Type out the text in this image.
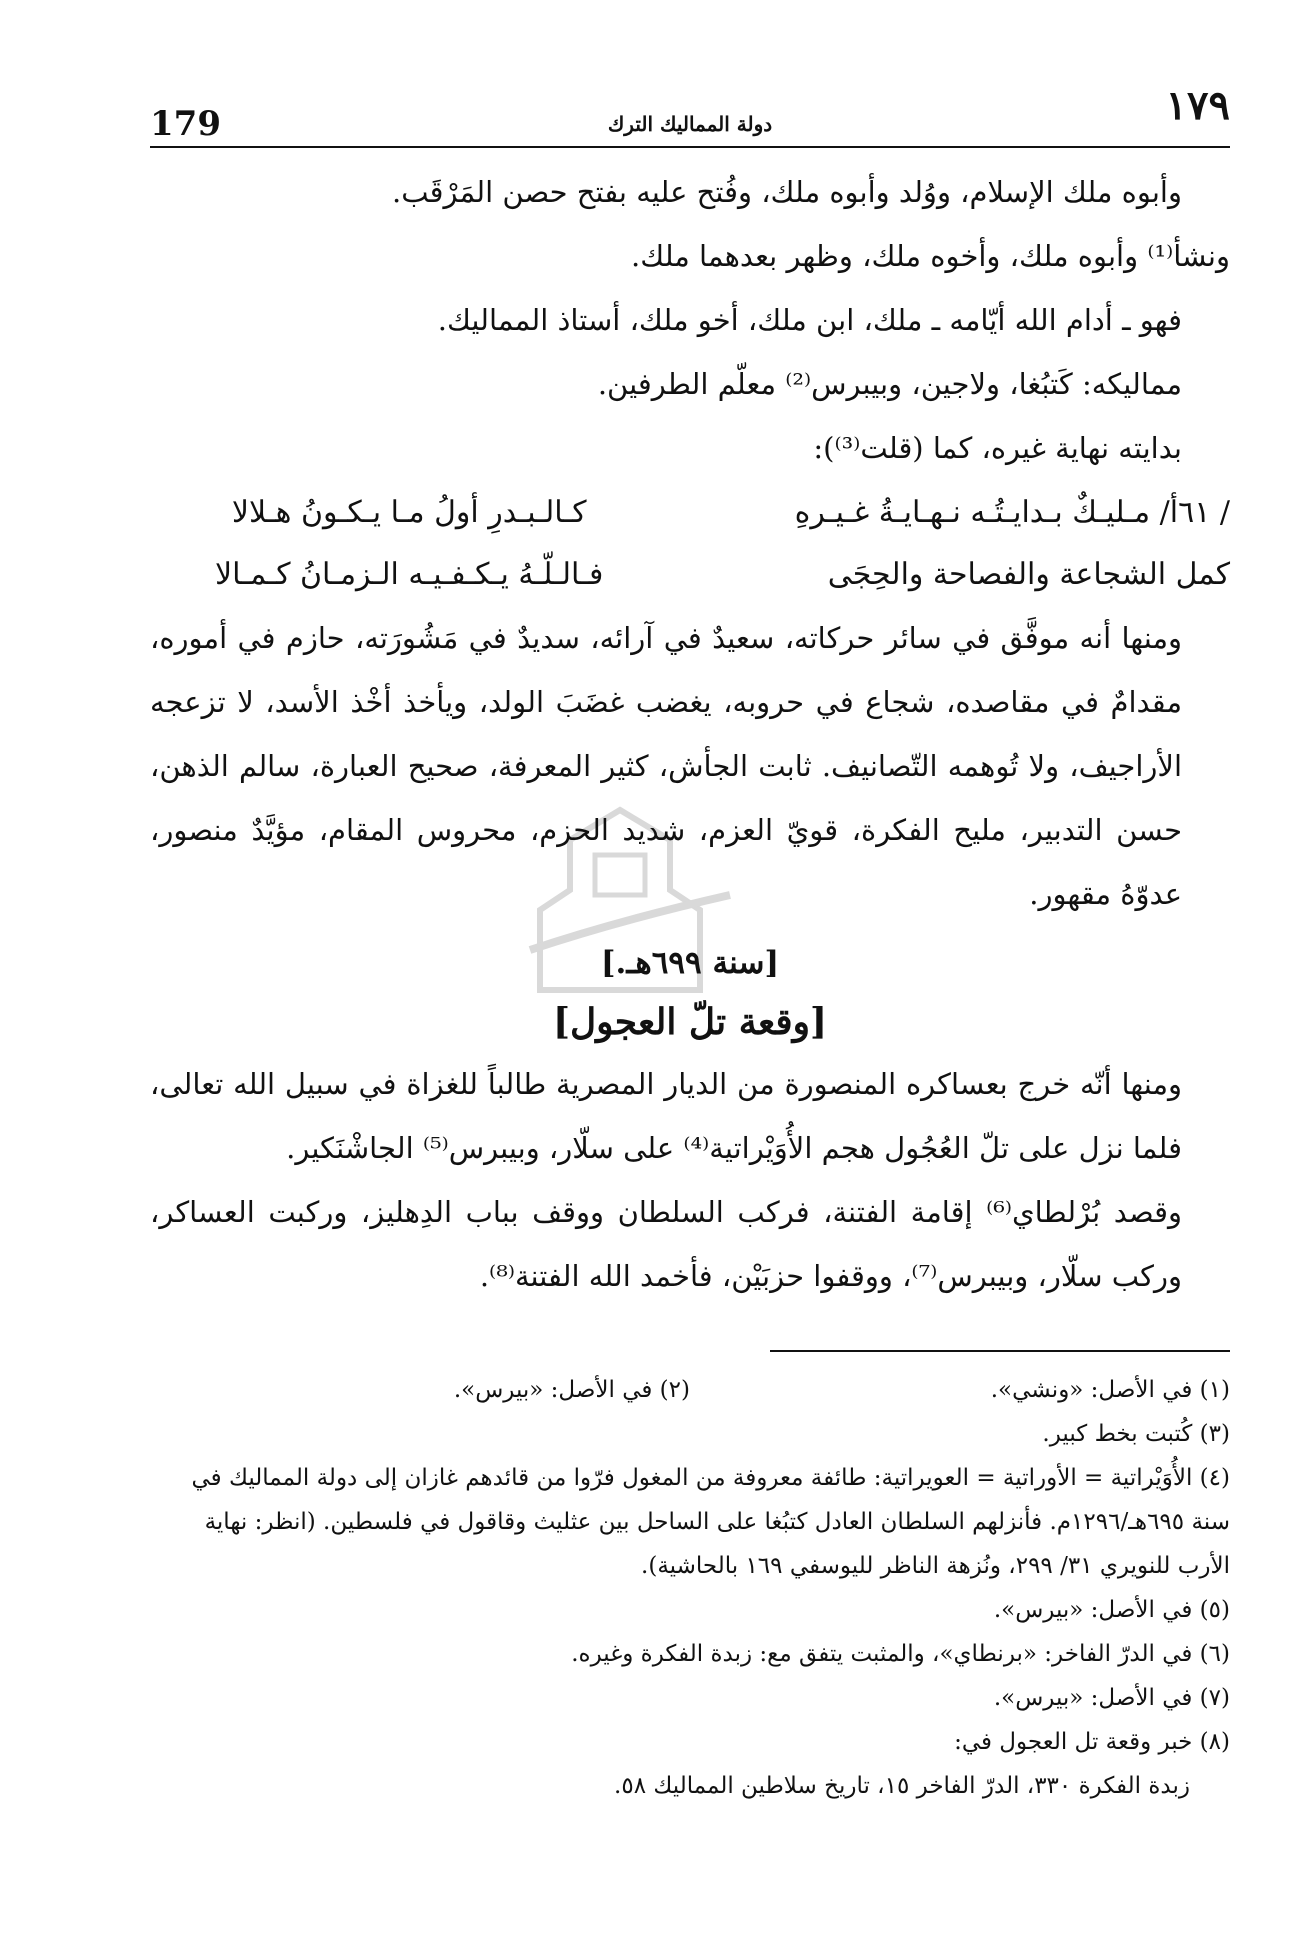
179	دولة المماليك الترك	١٧٩

وأبوه ملك الإسلام، ووُلد وأبوه ملك، وفُتح عليه بفتح حصن المَرْقَب.

ونشأ⁽¹⁾ وأبوه ملك، وأخوه ملك، وظهر بعدهما ملك.

فهو ـ أدام الله أيّامه ـ ملك، ابن ملك، أخو ملك، أستاذ المماليك.

مماليكه: كَتبُغا، ولاجين، وبيبرس⁽²⁾ معلّم الطرفين.

بدايته نهاية غيره، كما (قلت⁽³⁾):

/ ٦١أ/ مـليـكٌ بـدايـتُـه نـهـايـةُ غـيـرهِ
كـالـبـدرِ أولُ مـا يـكـونُ هـلالا
كمل الشجاعة والفصاحة والحِجَى
فـالـلّـهُ يـكـفـيـه الـزمـانُ كـمـالا

ومنها أنه موفَّق في سائر حركاته، سعيدٌ في آرائه، سديدٌ في مَشُورَته، حازم في أموره، مقدامٌ في مقاصده، شجاع في حروبه، يغضب غضَبَ الولد، ويأخذ أخْذ الأسد، لا تزعجه الأراجيف، ولا تُوهمه التّصانيف. ثابت الجأش، كثير المعرفة، صحيح العبارة، سالم الذهن، حسن التدبير، مليح الفكرة، قويّ العزم، شديد الحزم، محروس المقام، مؤيَّدٌ منصور، عدوّهُ مقهور.

[سنة ٦٩٩هـ.]
[وقعة تلّ العجول]

ومنها أنّه خرج بعساكره المنصورة من الديار المصرية طالباً للغزاة في سبيل الله تعالى، فلما نزل على تلّ العُجُول هجم الأُوَيْراتية⁽⁴⁾ على سلّار، وبيبرس⁽⁵⁾ الجاشْنَكير.

وقصد بُرْلطاي⁽⁶⁾ إقامة الفتنة، فركب السلطان ووقف بباب الدِهليز، وركبت العساكر، وركب سلّار، وبيبرس⁽⁷⁾، ووقفوا حزبَيْن، فأخمد الله الفتنة⁽⁸⁾.

(١) في الأصل: «ونشي».
(٢) في الأصل: «بيرس».

(٣) كُتبت بخط كبير.

(٤) الأُوَيْراتية = الأوراتية = العويراتية: طائفة معروفة من المغول فرّوا من قائدهم غازان إلى دولة المماليك في سنة ٦٩٥هـ/١٢٩٦م. فأنزلهم السلطان العادل كتبُغا على الساحل بين عثليث وقاقول في فلسطين. (انظر: نهاية الأرب للنويري ٣١/ ٢٩٩، ونُزهة الناظر لليوسفي ١٦٩ بالحاشية).

(٥) في الأصل: «بيرس».

(٦) في الدرّ الفاخر: «برنطاي»، والمثبت يتفق مع: زبدة الفكرة وغيره.

(٧) في الأصل: «بيرس».

(٨) خبر وقعة تل العجول في:

زبدة الفكرة ٣٣٠، الدرّ الفاخر ١٥، تاريخ سلاطين المماليك ٥٨.
